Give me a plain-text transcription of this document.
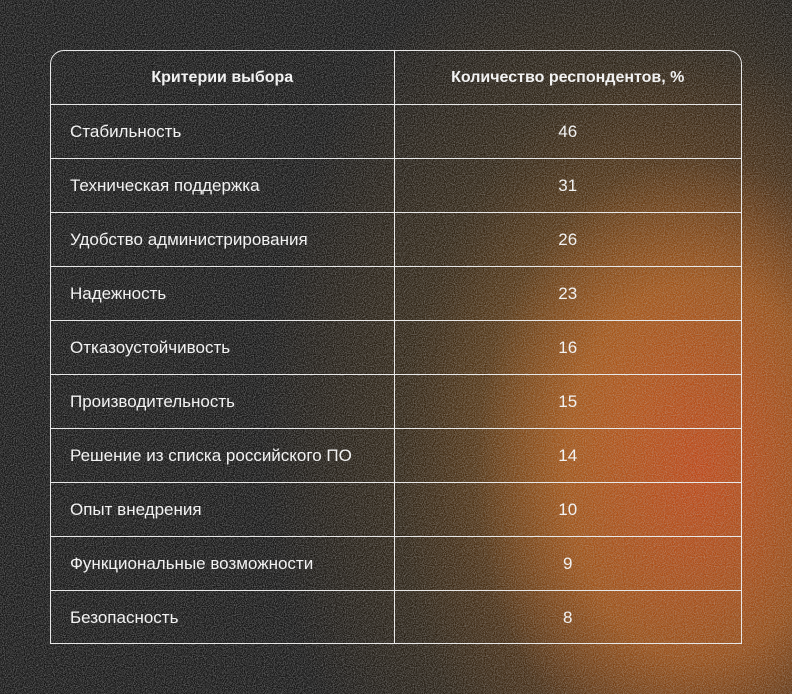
Критерии выбора	Количество респондентов, %
Стабильность	46
Техническая поддержка	31
Удобство администрирования	26
Надежность	23
Отказоустойчивость	16
Производительность	15
Решение из списка российского ПО	14
Опыт внедрения	10
Функциональные возможности	9
Безопасность	8
